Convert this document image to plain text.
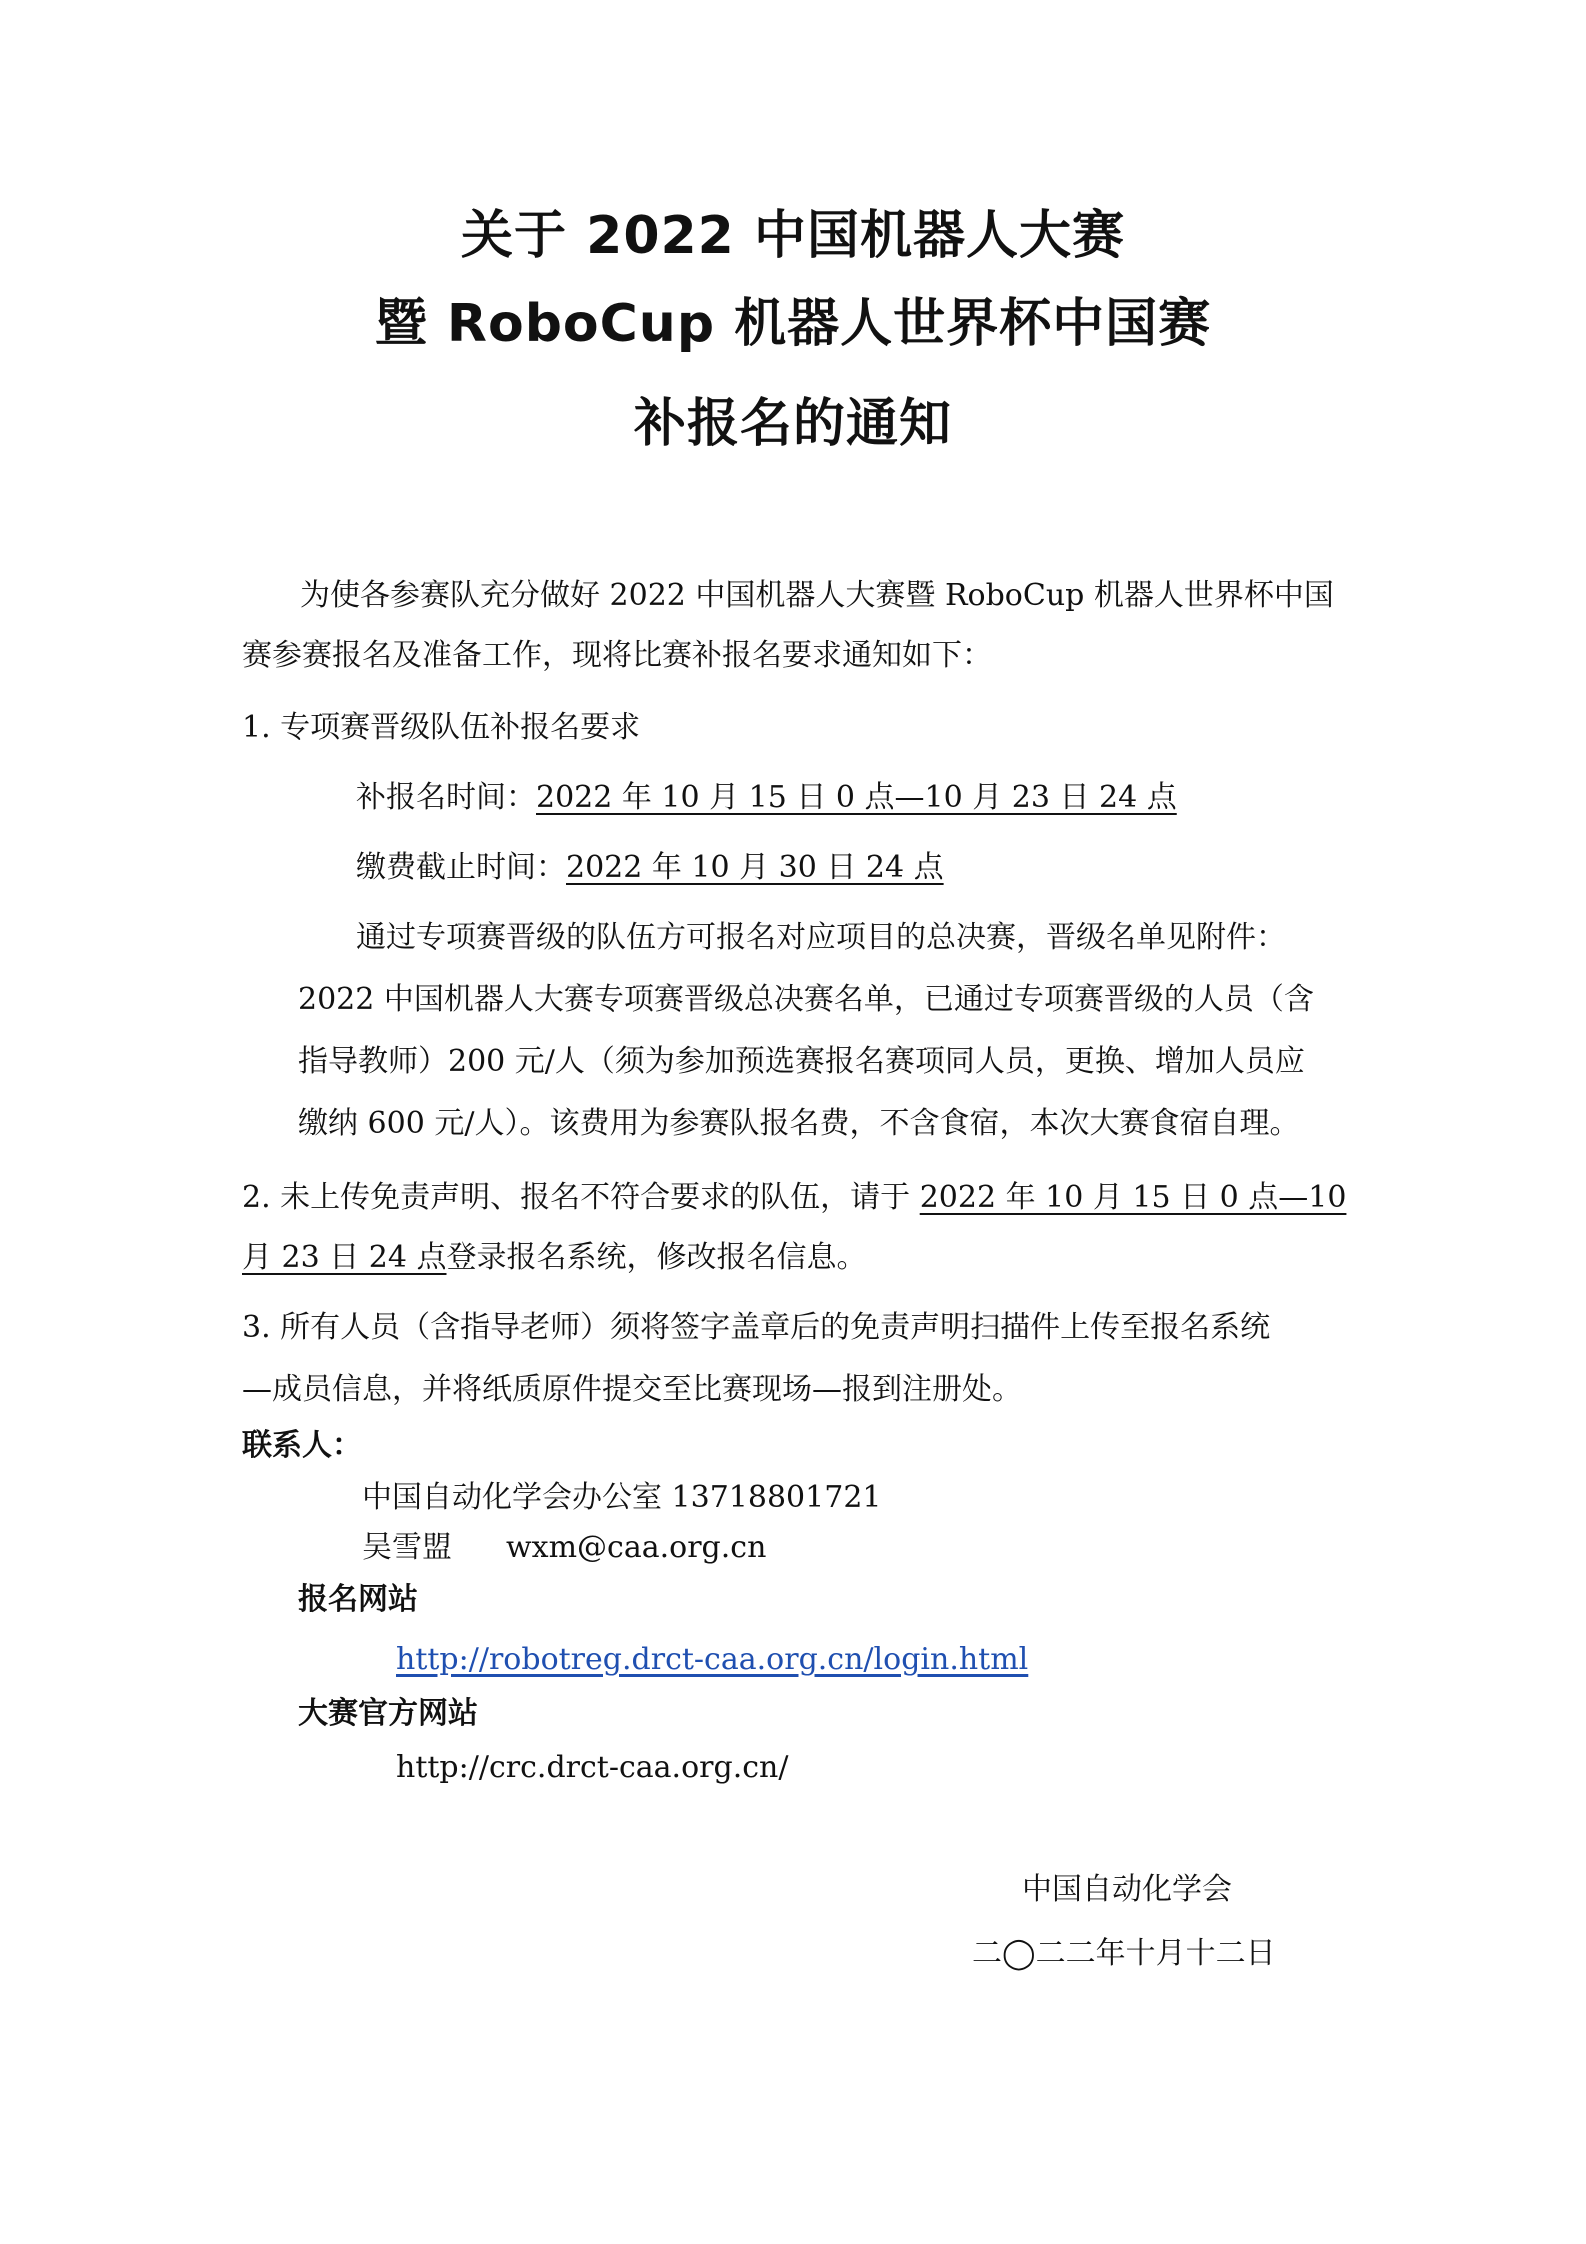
关于 2022 中国机器人大赛
暨 RoboCup 机器人世界杯中国赛
补报名的通知

为使各参赛队充分做好 2022 中国机器人大赛暨 RoboCup 机器人世界杯中国

赛参赛报名及准备工作，现将比赛补报名要求通知如下：

1. 专项赛晋级队伍补报名要求

补报名时间：2022 年 10 月 15 日 0 点—10 月 23 日 24 点

缴费截止时间：2022 年 10 月 30 日 24 点

通过专项赛晋级的队伍方可报名对应项目的总决赛，晋级名单见附件：

2022 中国机器人大赛专项赛晋级总决赛名单，已通过专项赛晋级的人员（含

指导教师）200 元/人（须为参加预选赛报名赛项同人员，更换、增加人员应

缴纳 600 元/人）。该费用为参赛队报名费，不含食宿，本次大赛食宿自理。

2. 未上传免责声明、报名不符合要求的队伍，请于 2022 年 10 月 15 日 0 点—10

月 23 日 24 点登录报名系统，修改报名信息。

3. 所有人员（含指导老师）须将签字盖章后的免责声明扫描件上传至报名系统

—成员信息，并将纸质原件提交至比赛现场—报到注册处。

联系人：

中国自动化学会办公室 13718801721

吴雪盟 wxm@caa.org.cn

报名网站

http://robotreg.drct-caa.org.cn/login.html

大赛官方网站

http://crc.drct-caa.org.cn/

中国自动化学会

二◯二二年十月十二日
